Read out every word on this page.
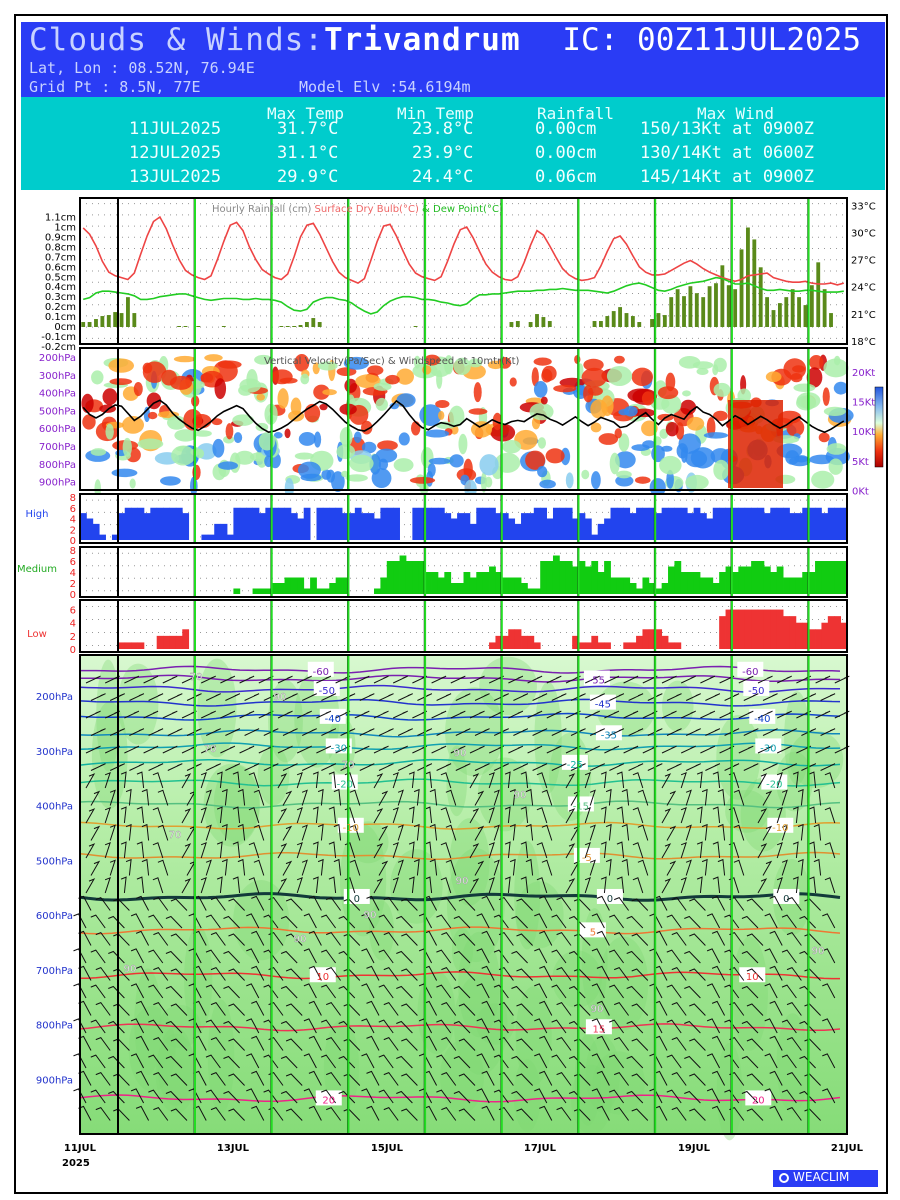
Clouds & Winds:Trivandrum IC: 00Z11JUL2025
Lat, Lon : 08.52N, 76.94E
Grid Pt : 8.5N, 77E	Model Elv :54.6194m
Max Temp	Min Temp	Rainfall	Max Wind
11JUL2025	31.7°C	23.8°C	0.00cm	150/13Kt at 0900Z
12JUL2025	31.1°C	23.9°C	0.00cm	130/14Kt at 0600Z
13JUL2025	29.9°C	24.4°C	0.06cm	145/14Kt at 0900Z
1.1cm
1cm
0.9cm
0.8cm
0.7cm
0.6cm
0.5cm
0.4cm
0.3cm
0.2cm
0.1cm
0cm
-0.1cm
-0.2cm
33°C
30°C
27°C
24°C
21°C
18°C
Hourly Rainfall (cm) Surface Dry Bulb(°C) & Dew Point(°C)
200hPa
300hPa
400hPa
500hPa
600hPa
700hPa
800hPa
900hPa
20Kt
15Kt
10Kt
5Kt
0Kt
Vertical Velocity(Pa/Sec) & Windspeed at 10mtr(Kt)
8
6
4
2
0
High
8
6
4
2
0
Medium
6
4
2
0
Low
-60	-60
-55
-50	-50
-45
-40	-40
-35
-30	-30
-25
-20	-20
-15
-10	-10
-5
0	0	0
5
10	10
15
20	20
70
70
90
90
70
90
70
90
90
90
90
90
90
200hPa
300hPa
400hPa
500hPa
600hPa
700hPa
800hPa
900hPa
11JUL	13JUL	15JUL	17JUL	19JUL	21JUL
2025
WEACLIM
